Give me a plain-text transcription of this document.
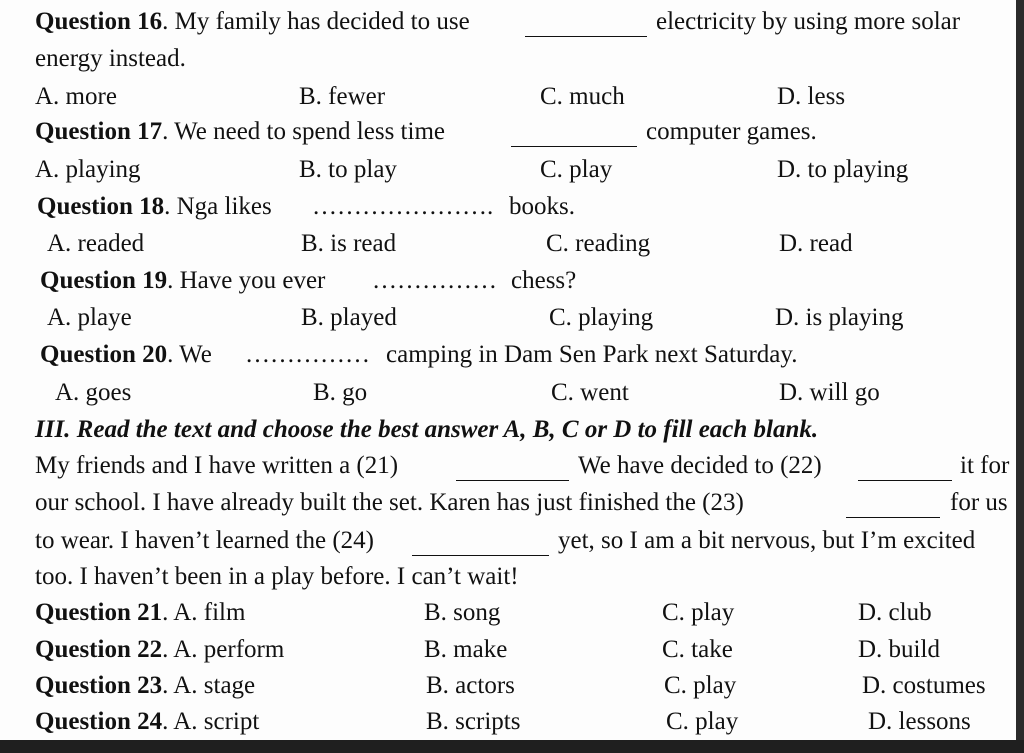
Question 16. My family has decided to use	electricity by using more solar
energy instead.
A. more	B. fewer	C. much	D. less
Question 17. We need to spend less time	computer games.
A. playing	B. to play	C. play	D. to playing
Question 18. Nga likes …………………. books.
A. readed	B. is read	C. reading	D. read
Question 19. Have you ever …………… chess?
A. playe	B. played	C. playing	D. is playing
Question 20. We …………… camping in Dam Sen Park next Saturday.
A. goes	B. go	C. went	D. will go
III. Read the text and choose the best answer A, B, C or D to fill each blank.
My friends and I have written a (21)	We have decided to (22)	it for
our school. I have already built the set. Karen has just finished the (23)	for us
to wear. I haven’t learned the (24)	yet, so I am a bit nervous, but I’m excited
too. I haven’t been in a play before. I can’t wait!
Question 21. A. film	B. song	C. play	D. club
Question 22. A. perform	B. make	C. take	D. build
Question 23. A. stage	B. actors	C. play	D. costumes
Question 24. A. script	B. scripts	C. play	D. lessons
